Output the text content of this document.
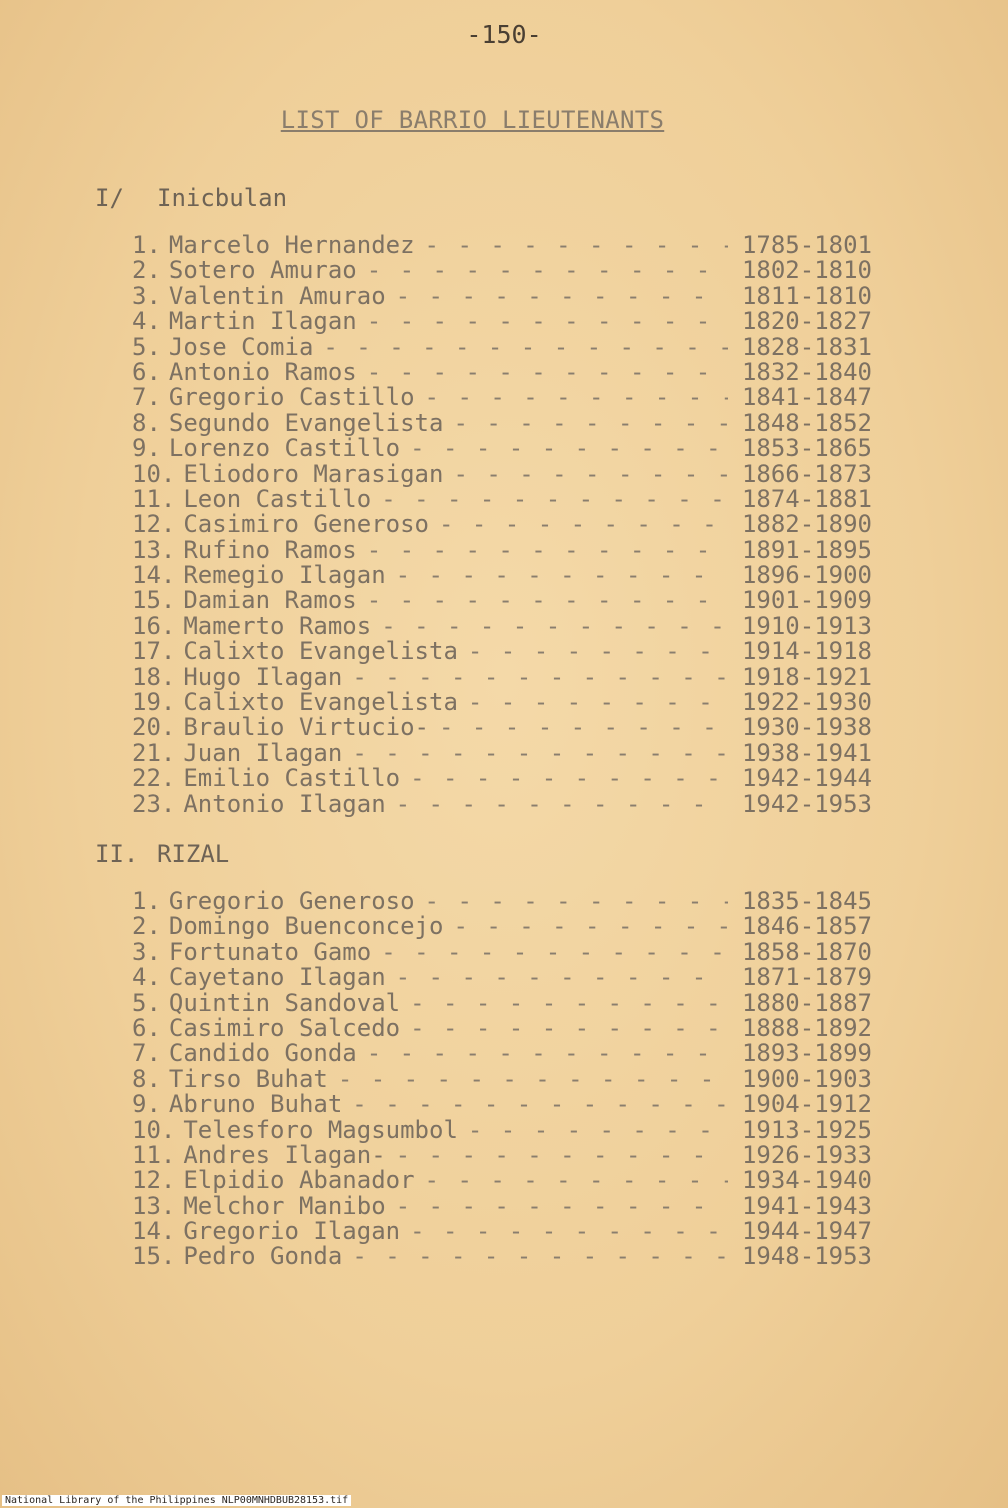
-150-
LIST OF BARRIO LIEUTENANTS
I/ Inicbulan
1. Marcelo Hernandez - - -	1785-1801
2. Sotero Amurao - - -	1802-1810
3. Valentin Amurao - - -	1811-1810
4. Martin Ilagan - - -	1820-1827
5. Jose Comia - - -	1828-1831
6. Antonio Ramos - - -	1832-1840
7. Gregorio Castillo - - -	1841-1847
8. Segundo Evangelista - - -	1848-1852
9. Lorenzo Castillo - - -	1853-1865
10. Eliodoro Marasigan - - -	1866-1873
11. Leon Castillo - - -	1874-1881
12. Casimiro Generoso - - -	1882-1890
13. Rufino Ramos - - -	1891-1895
14. Remegio Ilagan - - -	1896-1900
15. Damian Ramos - - -	1901-1909
16. Mamerto Ramos - - -	1910-1913
17. Calixto Evangelista - - -	1914-1918
18. Hugo Ilagan - - -	1918-1921
19. Calixto Evangelista - - -	1922-1930
20. Braulio Virtucio- - - -	1930-1938
21. Juan Ilagan - - -	1938-1941
22. Emilio Castillo - - -	1942-1944
23. Antonio Ilagan - - -	1942-1953
II. RIZAL
1. Gregorio Generoso - - -	1835-1845
2. Domingo Buenconcejo - - -	1846-1857
3. Fortunato Gamo - - -	1858-1870
4. Cayetano Ilagan - - -	1871-1879
5. Quintin Sandoval - - -	1880-1887
6. Casimiro Salcedo - - -	1888-1892
7. Candido Gonda - - -	1893-1899
8. Tirso Buhat - - -	1900-1903
9. Abruno Buhat - - -	1904-1912
10. Telesforo Magsumbol - - -	1913-1925
11. Andres Ilagan- - - -	1926-1933
12. Elpidio Abanador - - -	1934-1940
13. Melchor Manibo - - -	1941-1943
14. Gregorio Ilagan - - -	1944-1947
15. Pedro Gonda - - -	1948-1953
National Library of the Philippines NLP00MNHDBUB28153.tif
